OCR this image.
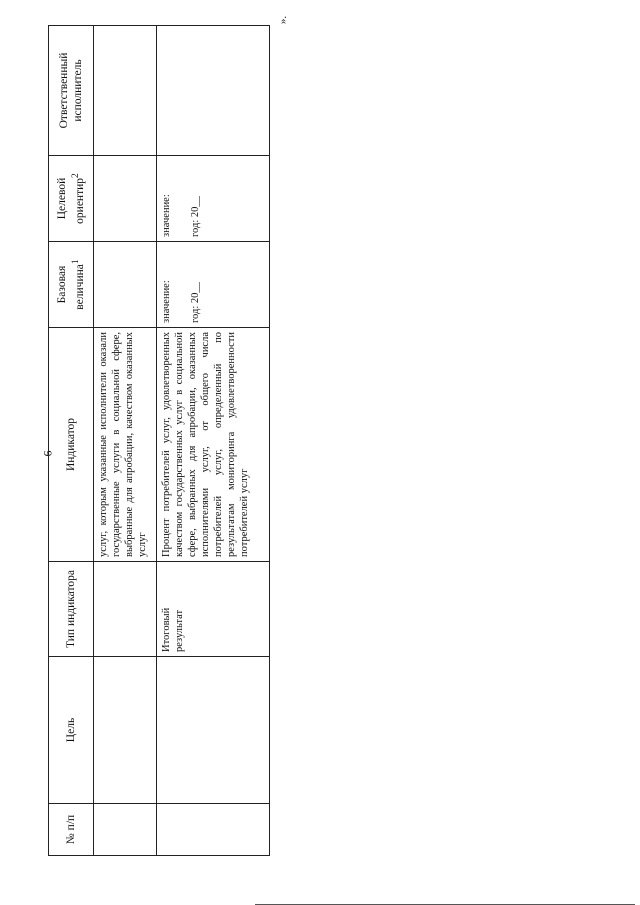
6
».
№ п/п	Цель	Тип индикатора	Индикатор	Базовая величина$^1$	Целевой ориентир$^2$	Ответственный исполнитель
			услуг, которым указанные исполнители оказали государственные услуги в социальной сфере, выбранные для апробации, качеством оказанных услуг	

		Итоговый результат	Процент потребителей услуг, удовлетворенных качеством государственных услуг в социальной сфере, выбранных для апробации, оказанных исполнителями услуг, от общего числа потребителей услуг, определенный по результатам мониторинга удовлетворенности потребителей услуг	значение: год: 20__	значение: год: 20__	
